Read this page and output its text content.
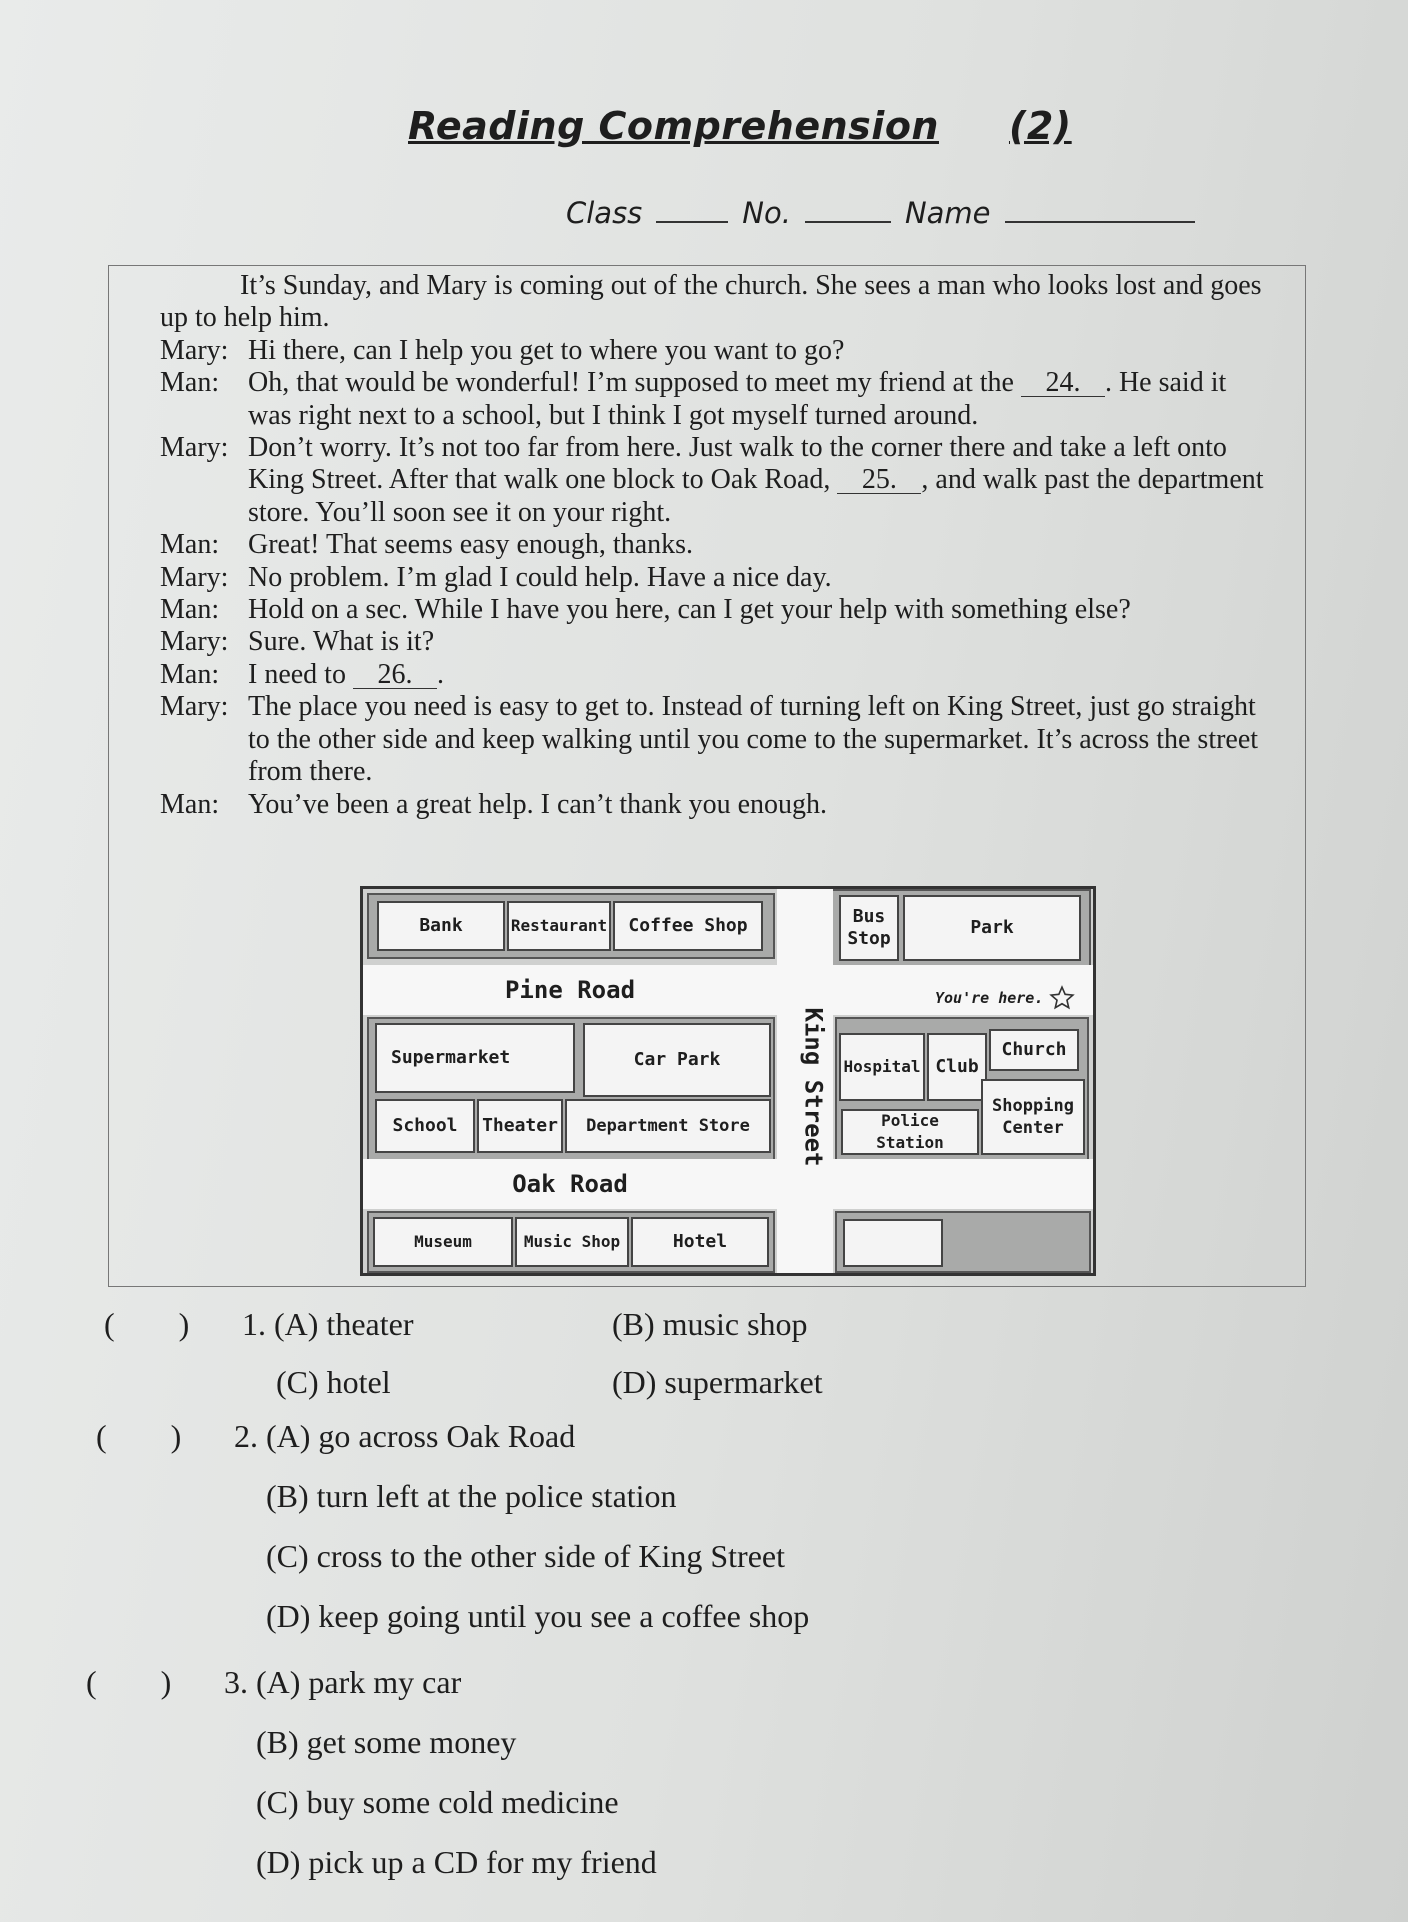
Reading Comprehension (2)
Class	No.	Name

It’s Sunday, and Mary is coming out of the church. She sees a man who looks lost and goes up to help him.

Mary: Hi there, can I help you get to where you want to go?
Man:	Oh, that would be wonderful! I’m supposed to meet my friend at the 24. . He said it was right next to a school, but I think I got myself turned around.
Mary: Don’t worry. It’s not too far from here. Just walk to the corner there and take a left onto King Street. After that walk one block to Oak Road, 25. , and walk past the department store. You’ll soon see it on your right.
Man:	Great! That seems easy enough, thanks.
Mary: No problem. I’m glad I could help. Have a nice day.
Man:	Hold on a sec. While I have you here, can I get your help with something else?
Mary: Sure. What is it?
Man:	I need to 26. .
Mary: The place you need is easy to get to. Instead of turning left on King Street, just go straight to the other side and keep walking until you come to the supermarket. It’s across the street from there.
Man:	You’ve been a great help. I can’t thank you enough.
Bank	Restaurant	Coffee Shop	Bus
Stop
Park
Pine Road	You're here.
King Street
Supermarket	Car Park
School	Theater	Department Store
Hospital Club
Church
Police Station
Shopping
Center
Oak Road
Museum	Music Shop	Hotel
(        ) 1. (A) theater	(B) music shop
(C) hotel	(D) supermarket
(        ) 2. (A) go across Oak Road
(B) turn left at the police station
(C) cross to the other side of King Street
(D) keep going until you see a coffee shop
(        ) 3. (A) park my car
(B) get some money
(C) buy some cold medicine
(D) pick up a CD for my friend
